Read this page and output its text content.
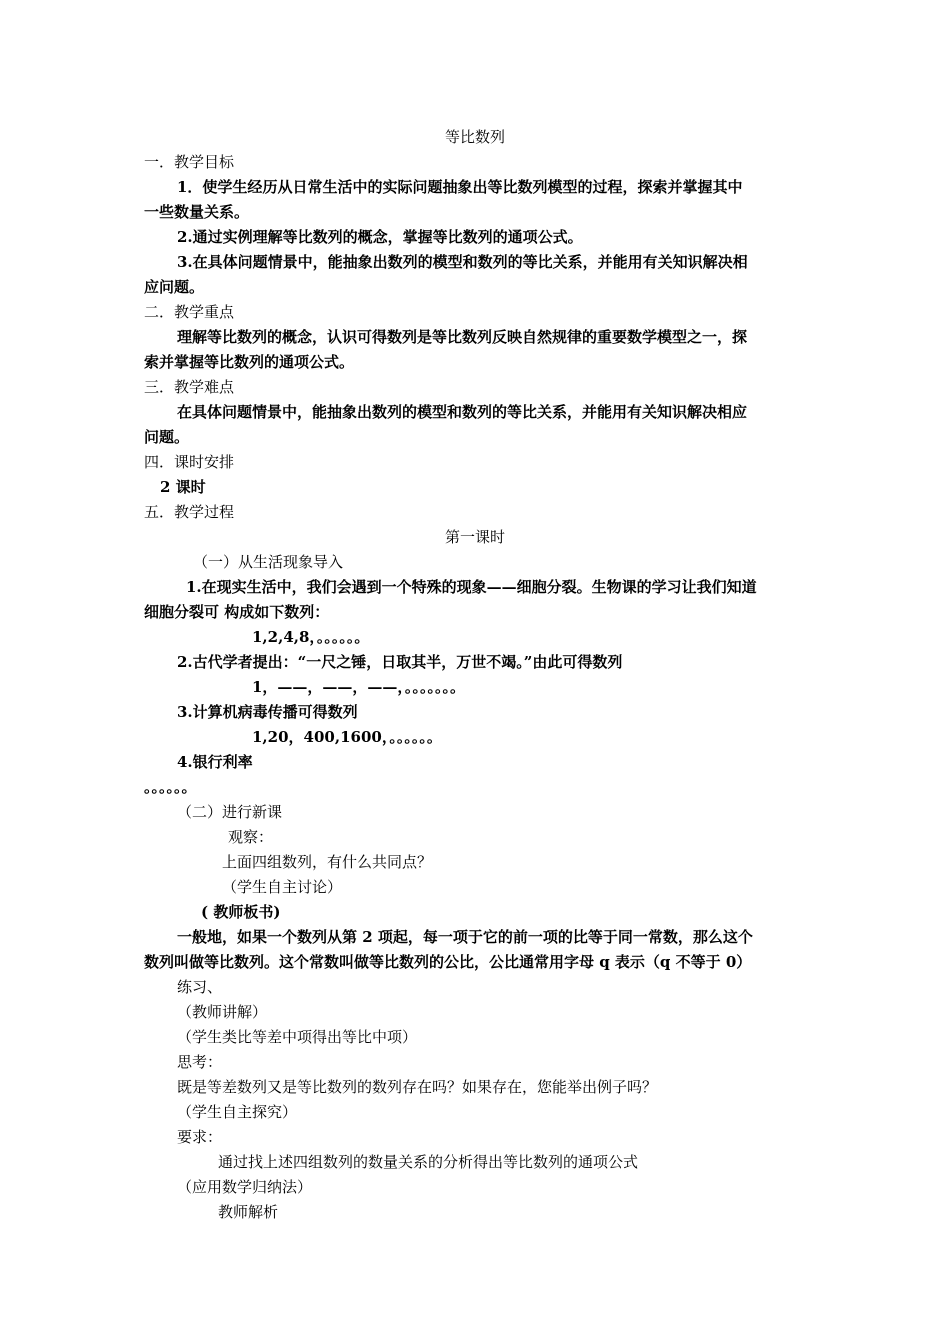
等比数列
一．教学目标
1．使学生经历从日常生活中的实际问题抽象出等比数列模型的过程，探索并掌握其中
一些数量关系。
2.通过实例理解等比数列的概念，掌握等比数列的通项公式。
3.在具体问题情景中，能抽象出数列的模型和数列的等比关系，并能用有关知识解决相
应问题。
二．教学重点
理解等比数列的概念，认识可得数列是等比数列反映自然规律的重要数学模型之一，探
索并掌握等比数列的通项公式。
三．教学难点
在具体问题情景中，能抽象出数列的模型和数列的等比关系，并能用有关知识解决相应
问题。
四．课时安排
2 课时
五．教学过程
第一课时
（一）从生活现象导入
1.在现实生活中，我们会遇到一个特殊的现象——细胞分裂。生物课的学习让我们知道
细胞分裂可 构成如下数列：
1,2,4,8，。。。。。。
2.古代学者提出：“一尺之锤，日取其半，万世不竭。”由此可得数列
1，——，——，——，。。。。。。。
3.计算机病毒传播可得数列
1,20，400,1600，。。。。。。
4.银行利率
。。。。。。
（二）进行新课
观察：
上面四组数列，有什么共同点？
（学生自主讨论）
( 教师板书)
一般地，如果一个数列从第 2 项起，每一项于它的前一项的比等于同一常数，那么这个
数列叫做等比数列。这个常数叫做等比数列的公比，公比通常用字母 q 表示（q 不等于 0）
练习、
（教师讲解）
（学生类比等差中项得出等比中项）
思考：
既是等差数列又是等比数列的数列存在吗？如果存在，您能举出例子吗？
（学生自主探究）
要求：
通过找上述四组数列的数量关系的分析得出等比数列的通项公式
（应用数学归纳法）
教师解析
